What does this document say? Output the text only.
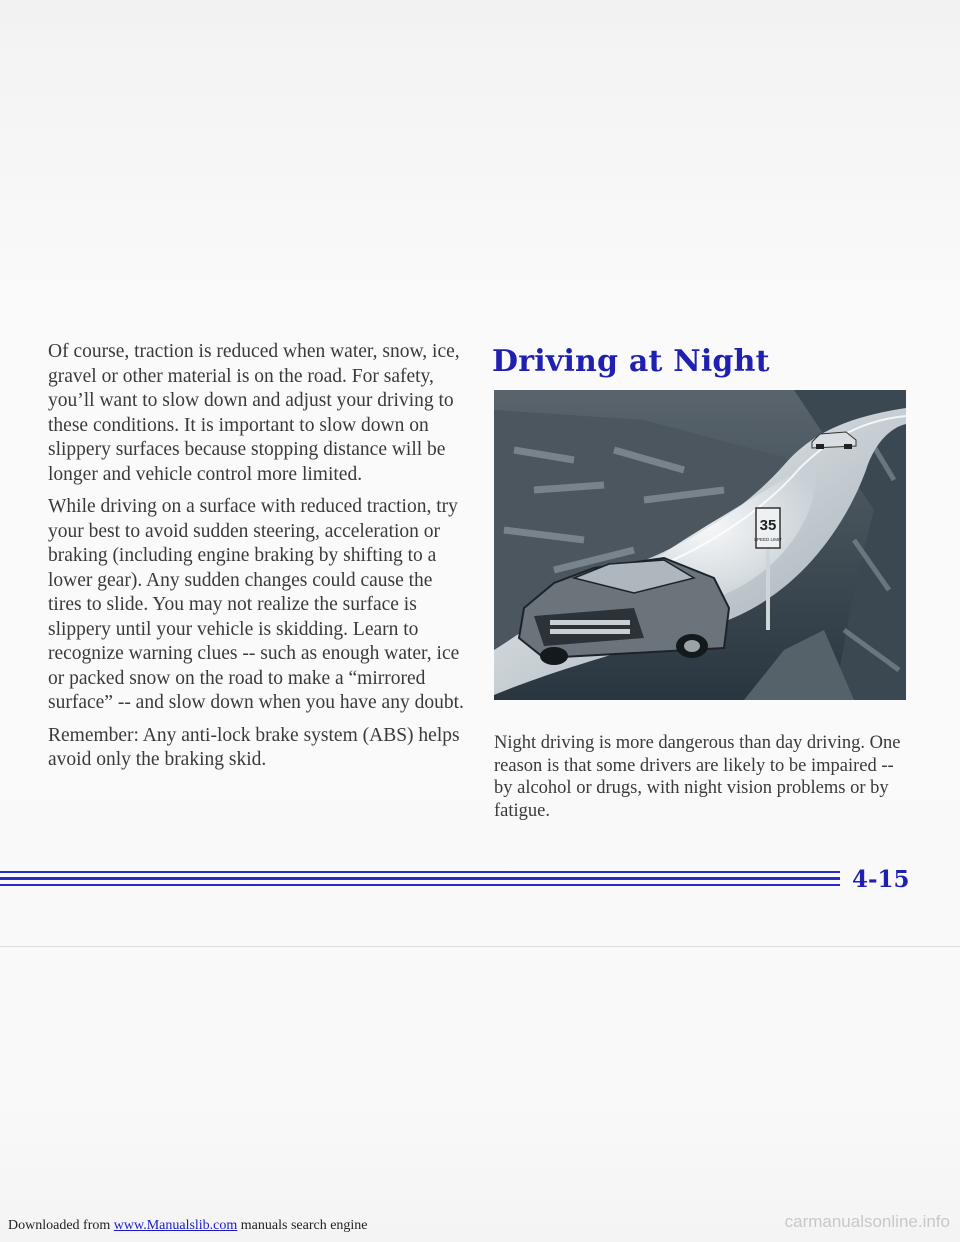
Of course, traction is reduced when water, snow, ice, gravel or other material is on the road. For safety, you’ll want to slow down and adjust your driving to these conditions. It is important to slow down on slippery surfaces because stopping distance will be longer and vehicle control more limited.

While driving on a surface with reduced traction, try your best to avoid sudden steering, acceleration or braking (including engine braking by shifting to a lower gear). Any sudden changes could cause the tires to slide. You may not realize the surface is slippery until your vehicle is skidding. Learn to recognize warning clues -- such as enough water, ice or packed snow on the road to make a “mirrored surface” -- and slow down when you have any doubt.

Remember: Any anti-lock brake system (ABS) helps avoid only the braking skid.

Driving at Night
35
SPEED LIMIT

Night driving is more dangerous than day driving. One reason is that some drivers are likely to be impaired -- by alcohol or drugs, with night vision problems or by fatigue.

4-15

Downloaded from www.Manualslib.com manuals search engine	carmanualsonline.info
